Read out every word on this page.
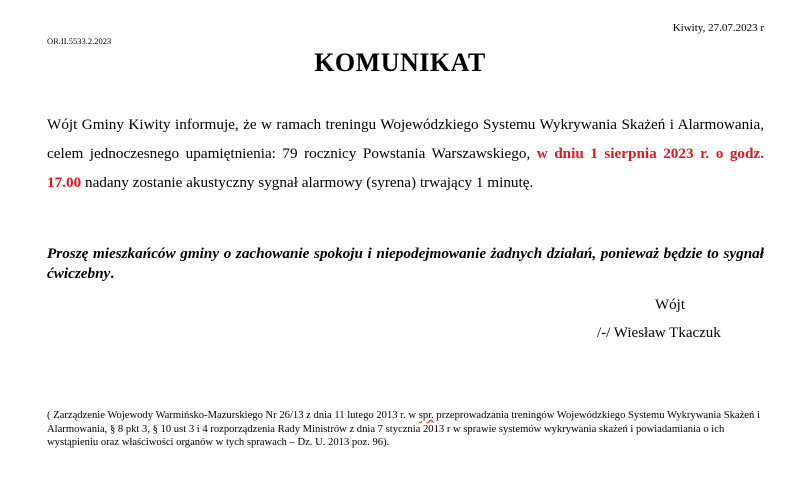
Kiwity, 27.07.2023 r
OR.II.5533.2.2023
KOMUNIKAT

Wójt Gminy Kiwity informuje, że w ramach treningu Wojewódzkiego Systemu Wykrywania Skażeń i Alarmowania, celem jednoczesnego upamiętnienia: 79 rocznicy Powstania Warszawskiego, w dniu 1 sierpnia 2023 r. o godz. 17.00 nadany zostanie akustyczny sygnał alarmowy (syrena) trwający 1 minutę.

Proszę mieszkańców gminy o zachowanie spokoju i niepodejmowanie żadnych działań, ponieważ będzie to sygnał ćwiczebny.

Wójt
/-/ Wiesław Tkaczuk

( Zarządzenie Wojewody Warmińsko-Mazurskiego Nr 26/13 z dnia 11 lutego 2013 r. w spr. przeprowadzania treningów Wojewódzkiego Systemu Wykrywania Skażeń i Alarmowania, § 8 pkt 3, § 10 ust 3 i 4 rozporządzenia Rady Ministrów z dnia 7 stycznia 2013 r w sprawie systemów wykrywania skażeń i powiadamiania o ich wystąpieniu oraz właściwości organów w tych sprawach – Dz. U. 2013 poz. 96).
